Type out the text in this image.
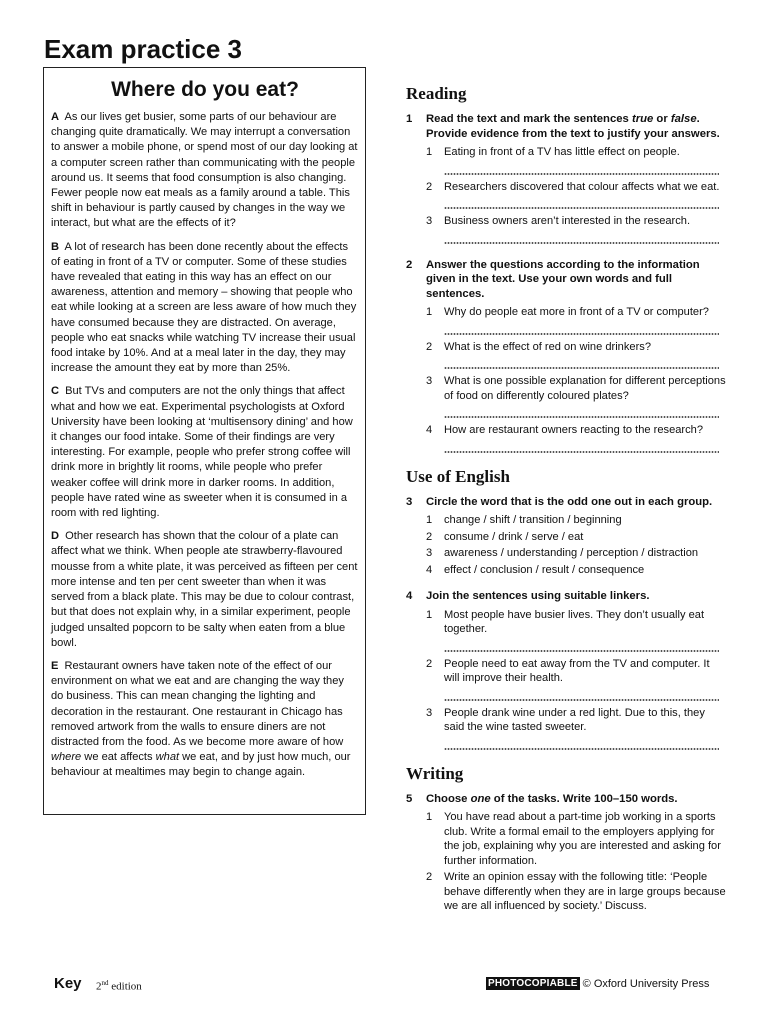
Exam practice 3
Where do you eat?

A As our lives get busier, some parts of our behaviour are changing quite dramatically. We may interrupt a conversation to answer a mobile phone, or spend most of our day looking at a computer screen rather than communicating with the people around us. It seems that food consumption is also changing. Fewer people now eat meals as a family around a table. This shift in behaviour is partly caused by changes in the way we interact, but what are the effects of it?

B A lot of research has been done recently about the effects of eating in front of a TV or computer. Some of these studies have revealed that eating in this way has an effect on our awareness, attention and memory – showing that people who eat while looking at a screen are less aware of how much they have consumed because they are distracted. On average, people who eat snacks while watching TV increase their usual food intake by 10%. And at a meal later in the day, they may increase the amount they eat by more than 25%.

C But TVs and computers are not the only things that affect what and how we eat. Experimental psychologists at Oxford University have been looking at ‘multisensory dining’ and how it changes our food intake. Some of their findings are very interesting. For example, people who prefer strong coffee will drink more in brightly lit rooms, while people who prefer weaker coffee will drink more in darker rooms. In addition, people have rated wine as sweeter when it is consumed in a room with red lighting.

D Other research has shown that the colour of a plate can affect what we think. When people ate strawberry-flavoured mousse from a white plate, it was perceived as fifteen per cent more intense and ten per cent sweeter than when it was served from a black plate. This may be due to colour contrast, but that does not explain why, in a similar experiment, people judged unsalted popcorn to be salty when eaten from a blue bowl.

E Restaurant owners have taken note of the effect of our environment on what we eat and are changing the way they do business. This can mean changing the lighting and decoration in the restaurant. One restaurant in Chicago has removed artwork from the walls to ensure diners are not distracted from the food. As we become more aware of how where we eat affects what we eat, and by just how much, our behaviour at mealtimes may begin to change again.

Reading
1	Read the text and mark the sentences true or false. Provide evidence from the text to justify your answers.
1	Eating in front of a TV has little effect on people.
2	Researchers discovered that colour affects what we eat.
3	Business owners aren’t interested in the research.
2	Answer the questions according to the information given in the text. Use your own words and full sentences.
1	Why do people eat more in front of a TV or computer?
2	What is the effect of red on wine drinkers?
3	What is one possible explanation for different perceptions of food on differently coloured plates?
4	How are restaurant owners reacting to the research?
Use of English
3	Circle the word that is the odd one out in each group.
1	change / shift / transition / beginning
2	consume / drink / serve / eat
3	awareness / understanding / perception / distraction
4	effect / conclusion / result / consequence
4	Join the sentences using suitable linkers.
1	Most people have busier lives. They don’t usually eat together.
2	People need to eat away from the TV and computer. It will improve their health.
3	People drank wine under a red light. Due to this, they said the wine tasted sweeter.
Writing
5	Choose one of the tasks. Write 100–150 words.
1	You have read about a part-time job working in a sports club. Write a formal email to the employers applying for the job, explaining why you are interested and asking for further information.
2	Write an opinion essay with the following title: ‘People behave differently when they are in large groups because we are all influenced by society.’ Discuss.
Key 2nd edition	PHOTOCOPIABLE © Oxford University Press
